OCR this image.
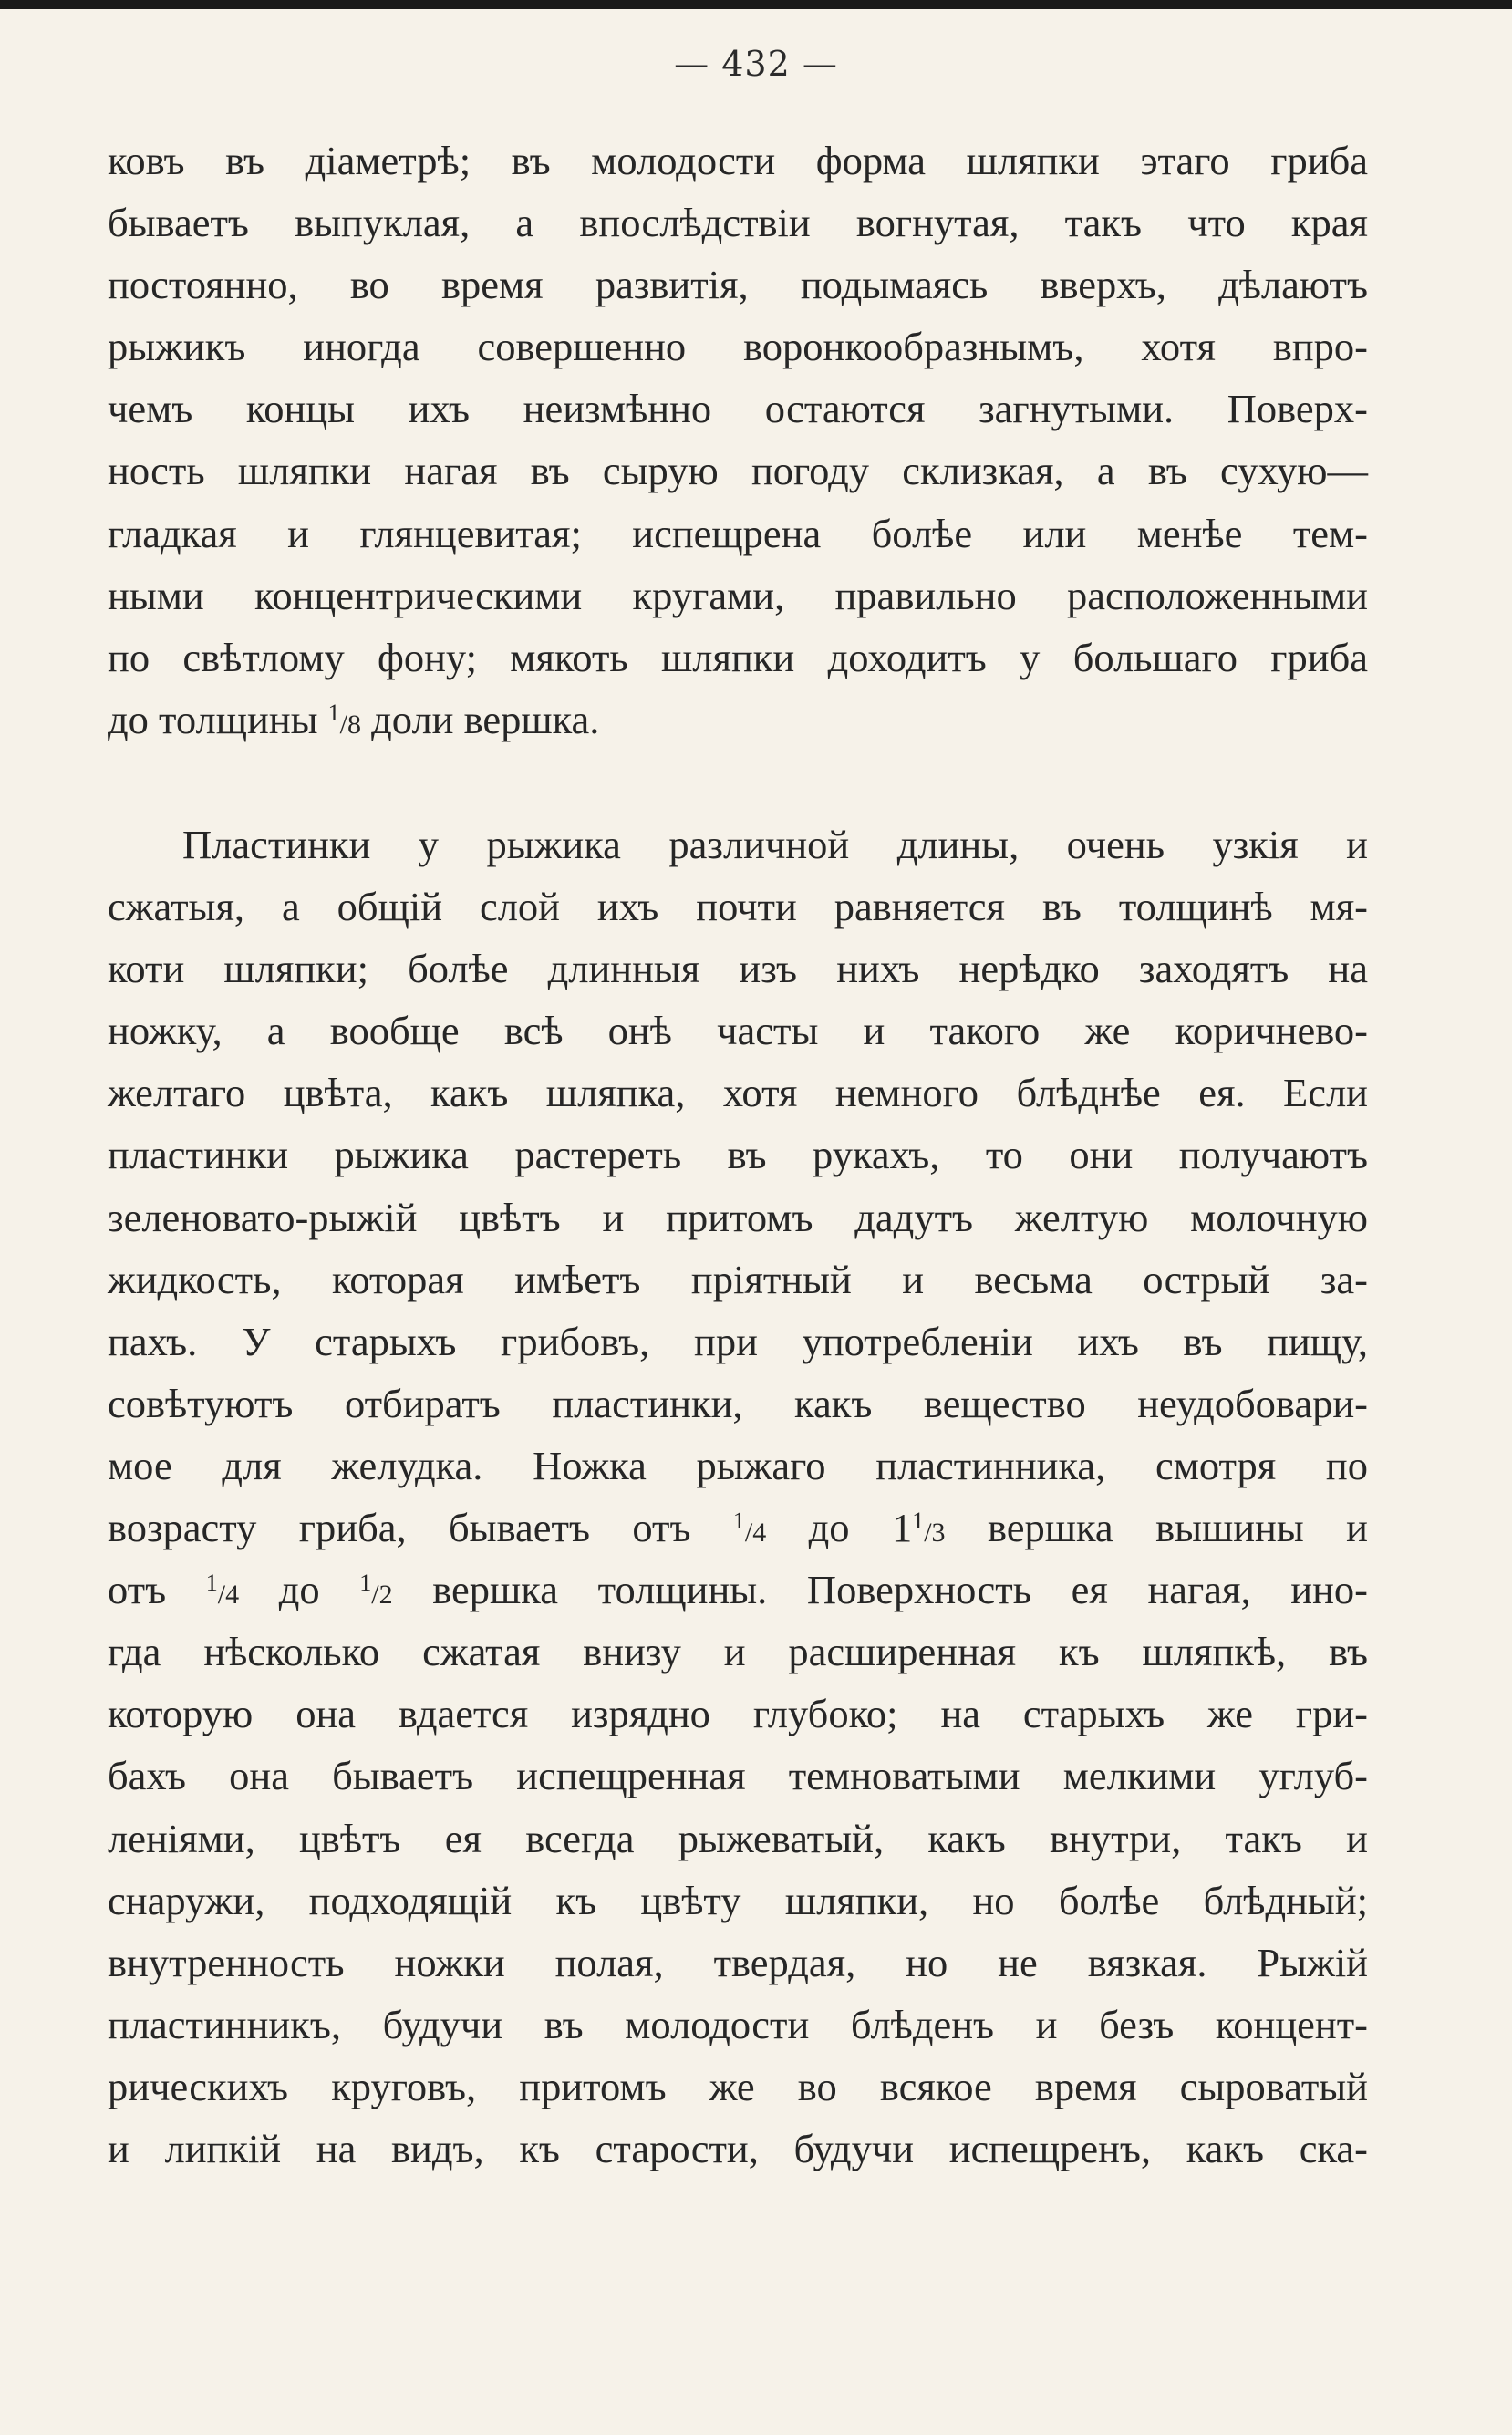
— 432 —
ковъ въ діаметрѣ; въ молодости форма шляпки этаго гриба
бываетъ выпуклая, а впослѣдствіи вогнутая, такъ что края
постоянно, во время развитія, подымаясь вверхъ, дѣлаютъ
рыжикъ иногда совершенно воронкообразнымъ, хотя впро-
чемъ концы ихъ неизмѣнно остаются загнутыми. Поверх-
ность шляпки нагая въ сырую погоду склизкая, а въ сухую—
гладкая и глянцевитая; испещрена болѣе или менѣе тем-
ными концентрическими кругами, правильно расположенными
по свѣтлому фону; мякоть шляпки доходитъ у большаго гриба
до толщины $^1$/8 доли вершка.
Пластинки у рыжика различной длины, очень узкія и
сжатыя, а общій слой ихъ почти равняется въ толщинѣ мя-
коти шляпки; болѣе длинныя изъ нихъ нерѣдко заходятъ на
ножку, а вообще всѣ онѣ часты и такого же коричнево-
желтаго цвѣта, какъ шляпка, хотя немного блѣднѣе ея. Если
пластинки рыжика растереть въ рукахъ, то они получаютъ
зеленовато-рыжій цвѣтъ и притомъ дадутъ желтую молочную
жидкость, которая имѣетъ пріятный и весьма острый за-
пахъ. У старыхъ грибовъ, при употребленіи ихъ въ пищу,
совѣтуютъ отбиратъ пластинки, какъ вещество неудобовари-
мое для желудка. Ножка рыжаго пластинника, смотря по
возрасту гриба, бываетъ отъ $^1$/4 до $1^1/3$ вершка вышины и
отъ $^1$/4 до $^1$/2 вершка толщины. Поверхность ея нагая, ино-
гда нѣсколько сжатая внизу и расширенная къ шляпкѣ, въ
которую она вдается изрядно глубоко; на старыхъ же гри-
бахъ она бываетъ испещренная темноватыми мелкими углуб-
леніями, цвѣтъ ея всегда рыжеватый, какъ внутри, такъ и
снаружи, подходящій къ цвѣту шляпки, но болѣе блѣдный;
внутренность ножки полая, твердая, но не вязкая. Рыжій
пластинникъ, будучи въ молодости блѣденъ и безъ концент-
рическихъ круговъ, притомъ же во всякое время сыроватый
и липкій на видъ, къ старости, будучи испещренъ, какъ ска-
